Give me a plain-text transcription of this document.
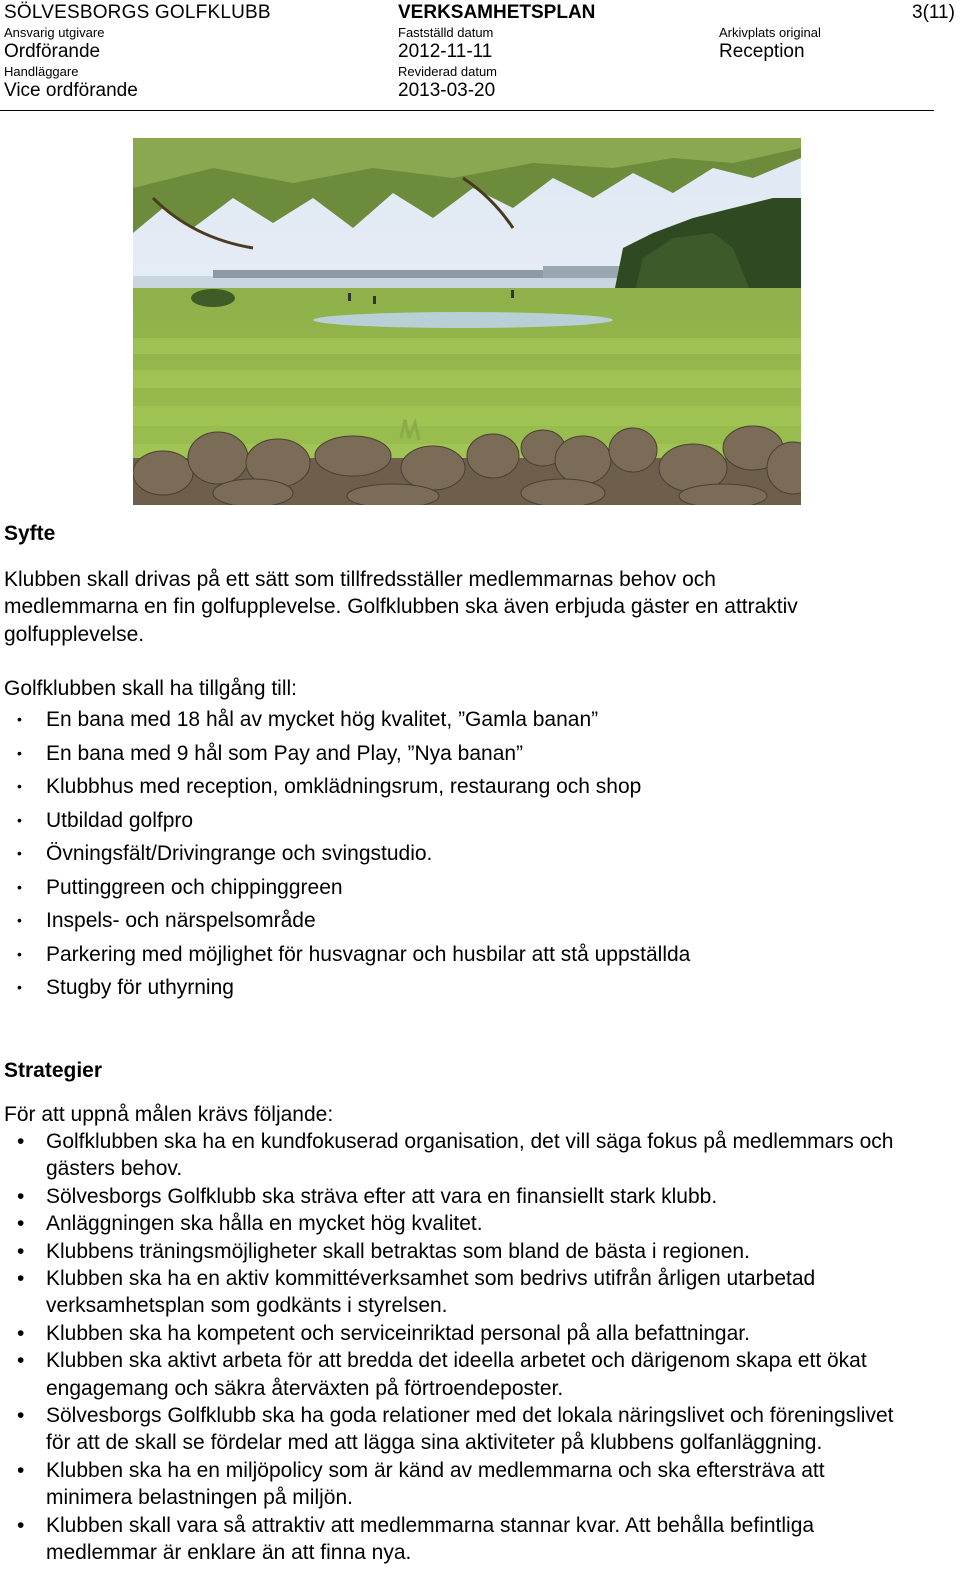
SÖLVESBORGS GOLFKLUBB	VERKSAMHETSPLAN	3(11)
Ansvarig utgivare
Ordförande
Fastställd datum
2012-11-11
Arkivplats original
Reception
Handläggare
Vice ordförande
Reviderad datum
2013-03-20
Syfte
Klubben skall drivas på ett sätt som tillfredsställer medlemmarnas behov och medlemmarna en fin golfupplevelse. Golfklubben ska även erbjuda gäster en attraktiv golfupplevelse.
Golfklubben skall ha tillgång till:
• En bana med 18 hål av mycket hög kvalitet, ”Gamla banan”
• En bana med 9 hål som Pay and Play, ”Nya banan”
• Klubbhus med reception, omklädningsrum, restaurang och shop
• Utbildad golfpro
• Övningsfält/Drivingrange och svingstudio.
• Puttinggreen och chippinggreen
• Inspels- och närspelsområde
• Parkering med möjlighet för husvagnar och husbilar att stå uppställda
• Stugby för uthyrning
Strategier
För att uppnå målen krävs följande:
• Golfklubben ska ha en kundfokuserad organisation, det vill säga fokus på medlemmars och gästers behov.
• Sölvesborgs Golfklubb ska sträva efter att vara en finansiellt stark klubb.
• Anläggningen ska hålla en mycket hög kvalitet.
• Klubbens träningsmöjligheter skall betraktas som bland de bästa i regionen.
• Klubben ska ha en aktiv kommittéverksamhet som bedrivs utifrån årligen utarbetad verksamhetsplan som godkänts i styrelsen.
• Klubben ska ha kompetent och serviceinriktad personal på alla befattningar.
• Klubben ska aktivt arbeta för att bredda det ideella arbetet och därigenom skapa ett ökat engagemang och säkra återväxten på förtroendeposter.
• Sölvesborgs Golfklubb ska ha goda relationer med det lokala näringslivet och föreningslivet för att de skall se fördelar med att lägga sina aktiviteter på klubbens golfanläggning.
• Klubben ska ha en miljöpolicy som är känd av medlemmarna och ska eftersträva att minimera belastningen på miljön.
• Klubben skall vara så attraktiv att medlemmarna stannar kvar. Att behålla befintliga medlemmar är enklare än att finna nya.
